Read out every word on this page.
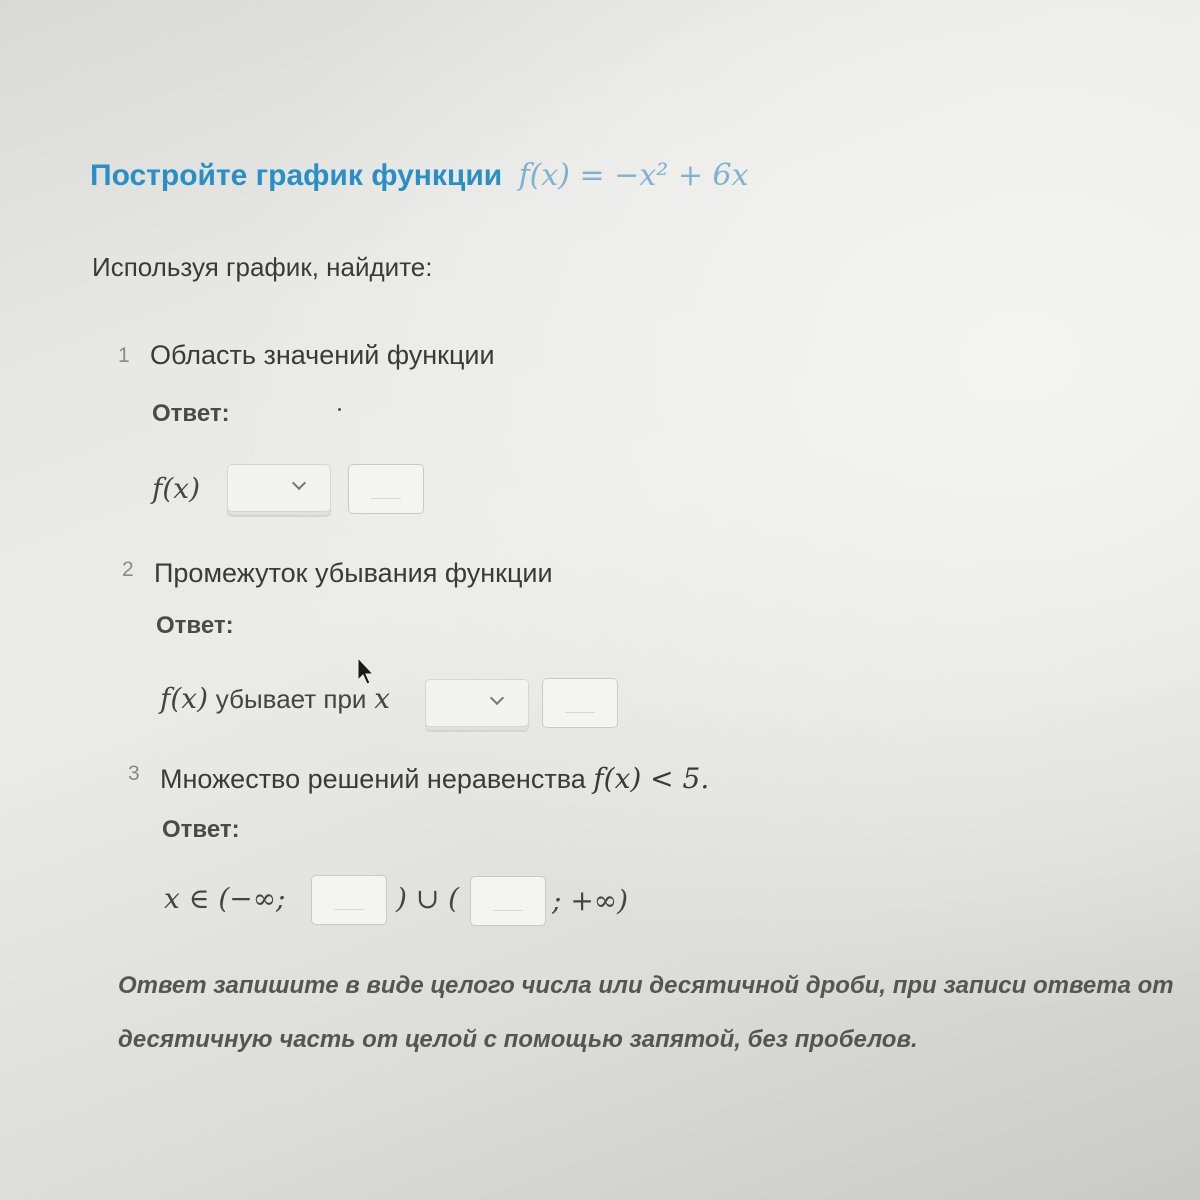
Постройте график функции f(x) = −x² + 6x
Используя график, найдите:
1 Область значений функции
Ответ:
f(x)
2 Промежуток убывания функции
Ответ:
f(x) убывает при x
3 Множество решений неравенства f(x) < 5.
Ответ:
x ∈ (−∞;	) ∪ (	; +∞)
Ответ запишите в виде целого числа или десятичной дроби, при записи ответа от
десятичную часть от целой с помощью запятой, без пробелов.
